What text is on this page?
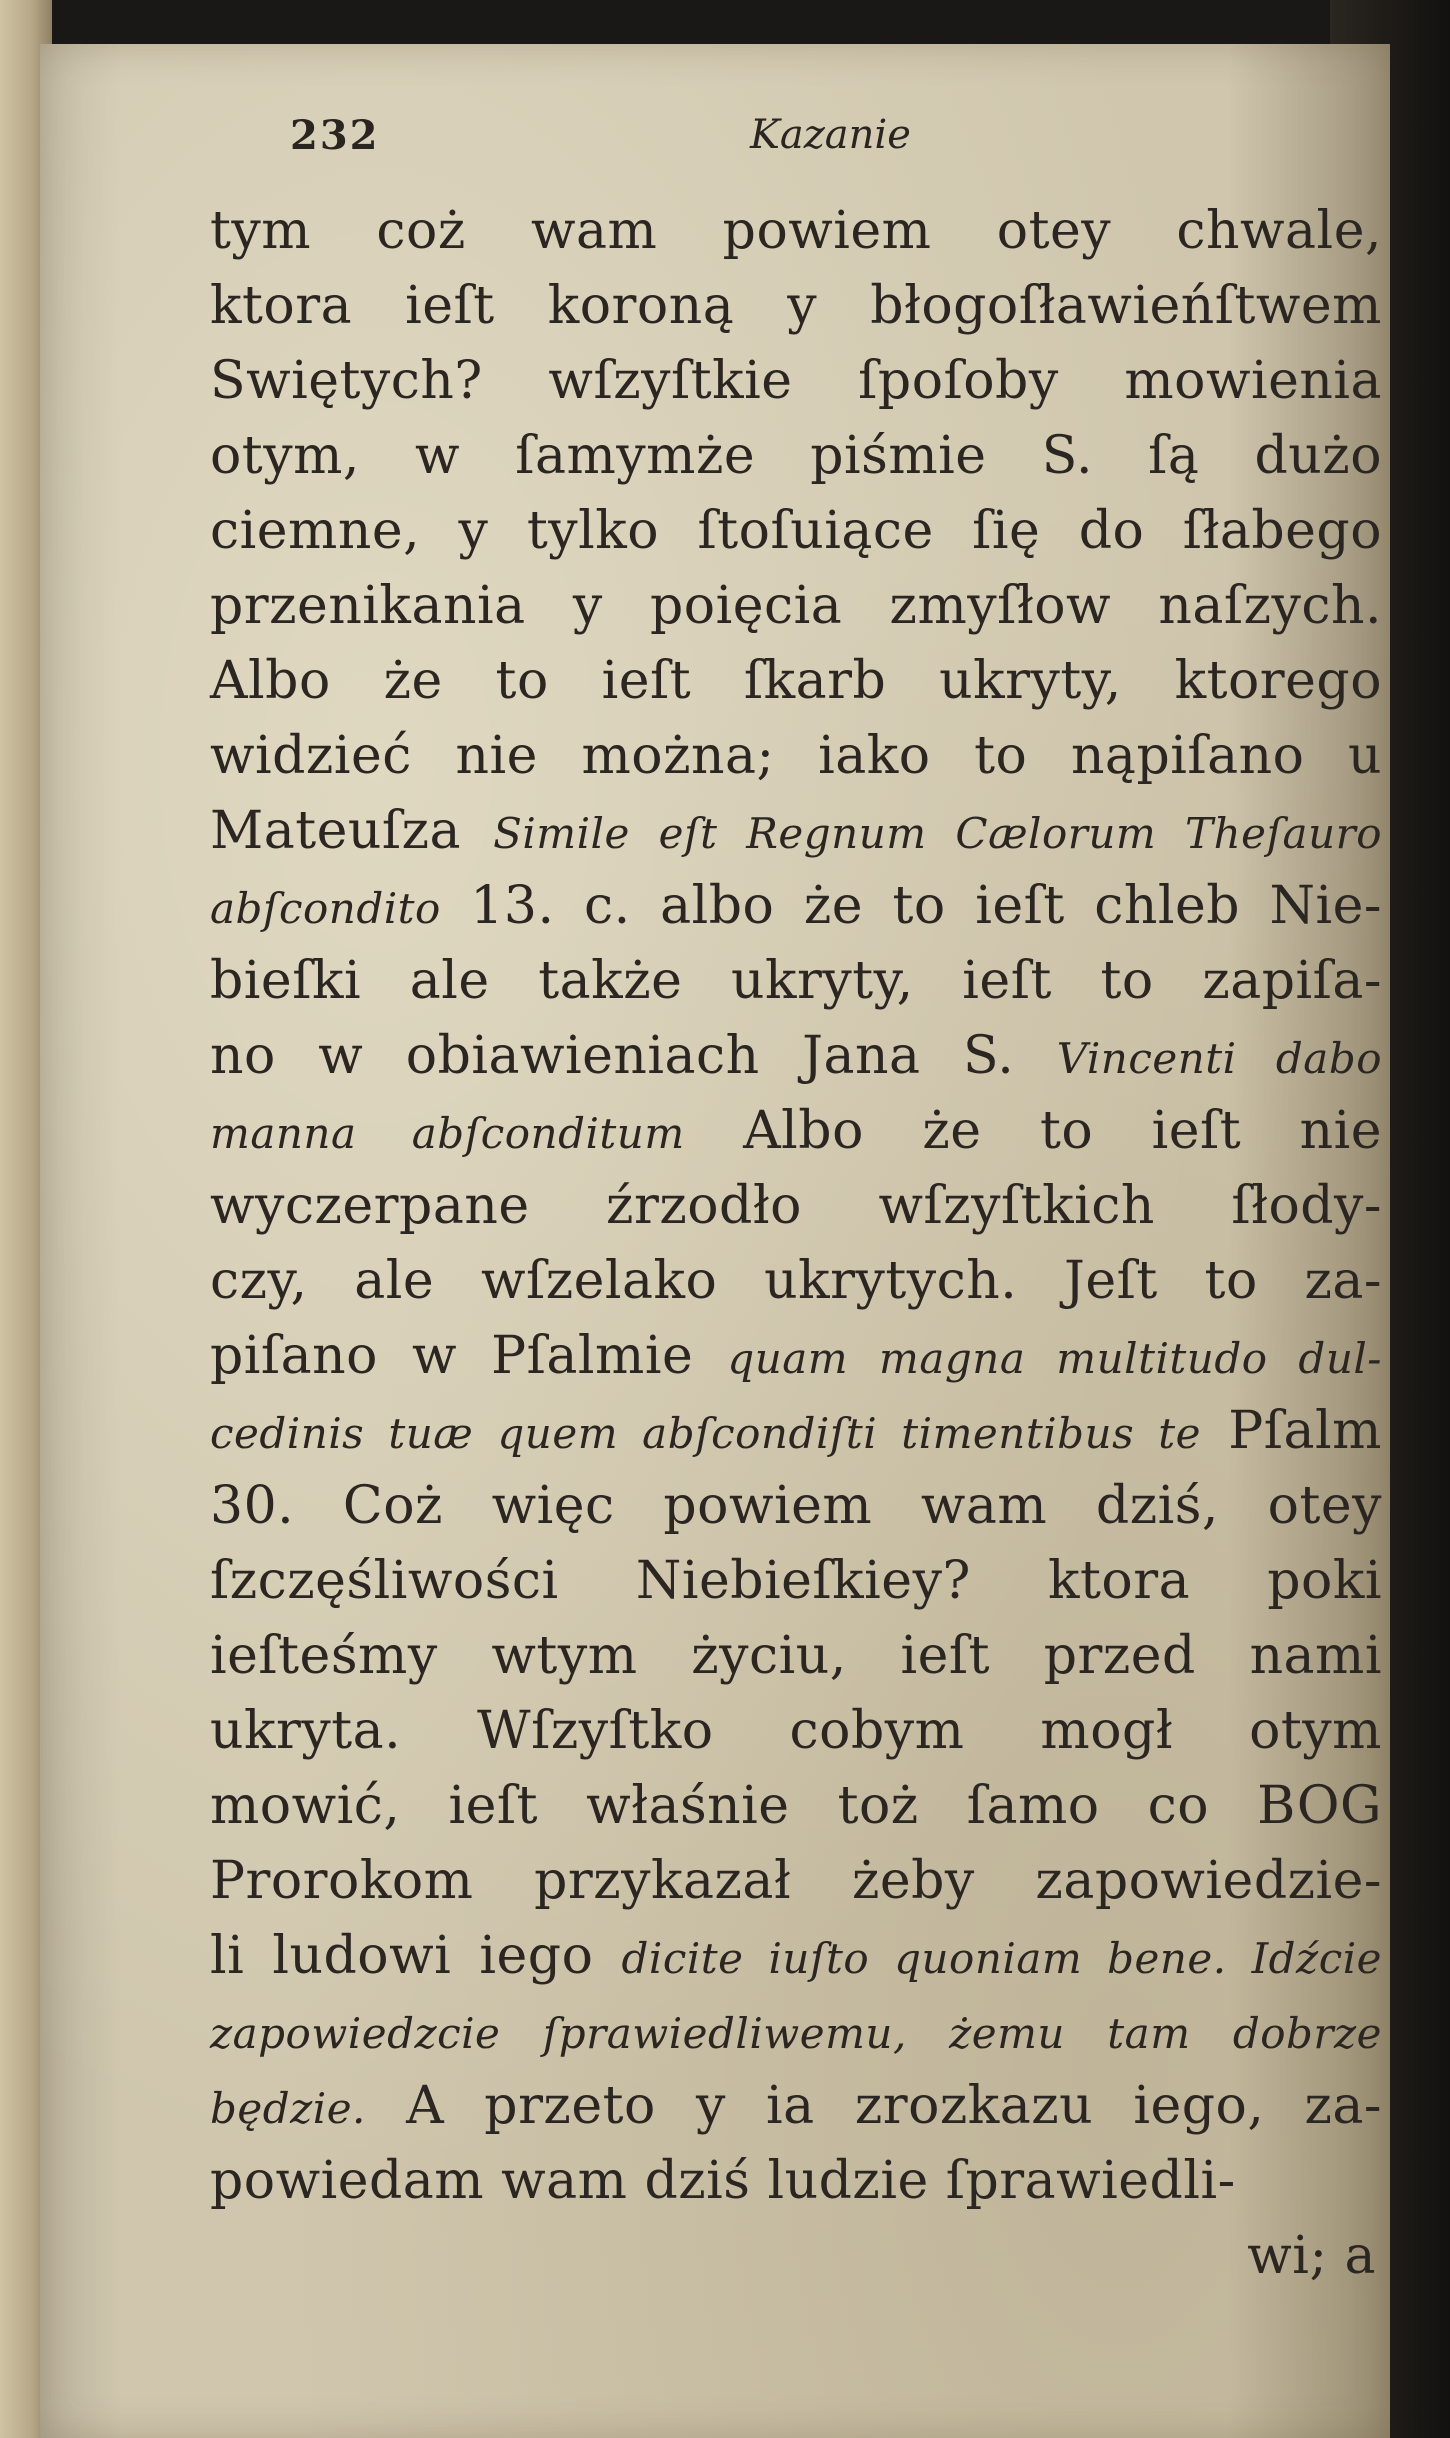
232	Kazanie
tym coż wam powiem otey chwale,
ktora ieſt koroną y błogoſławieńſtwem
Swiętych? wſzyſtkie ſpoſoby mowienia
otym, w ſamymże piśmie S. ſą dużo
ciemne, y tylko ſtoſuiące ſię do ſłabego
przenikania y poięcia zmyſłow naſzych.
Albo że to ieſt ſkarb ukryty, ktorego
widzieć nie można; iako to nąpiſano u
Mateuſza Simile eſt Regnum Cælorum Theſauro
abſcondito 13. c. albo że to ieſt chleb Nie-
bieſki ale także ukryty, ieſt to zapiſa-
no w obiawieniach Jana S. Vincenti dabo
manna abſconditum Albo że to ieſt nie
wyczerpane źrzodło wſzyſtkich ſłody-
czy, ale wſzelako ukrytych. Jeſt to za-
piſano w Pſalmie quam magna multitudo dul-
cedinis tuæ quem abſcondiſti timentibus te Pſalm
30. Coż więc powiem wam dziś, otey
ſzczęśliwości Niebieſkiey? ktora poki
ieſteśmy wtym życiu, ieſt przed nami
ukryta. Wſzyſtko cobym mogł otym
mowić, ieſt właśnie toż ſamo co BOG
Prorokom przykazał żeby zapowiedzie-
li ludowi iego dicite iuſto quoniam bene. Idźcie
zapowiedzcie ſprawiedliwemu, żemu tam dobrze
będzie. A przeto y ia zrozkazu iego, za-
powiedam wam dziś ludzie ſprawiedli-
wi; a
